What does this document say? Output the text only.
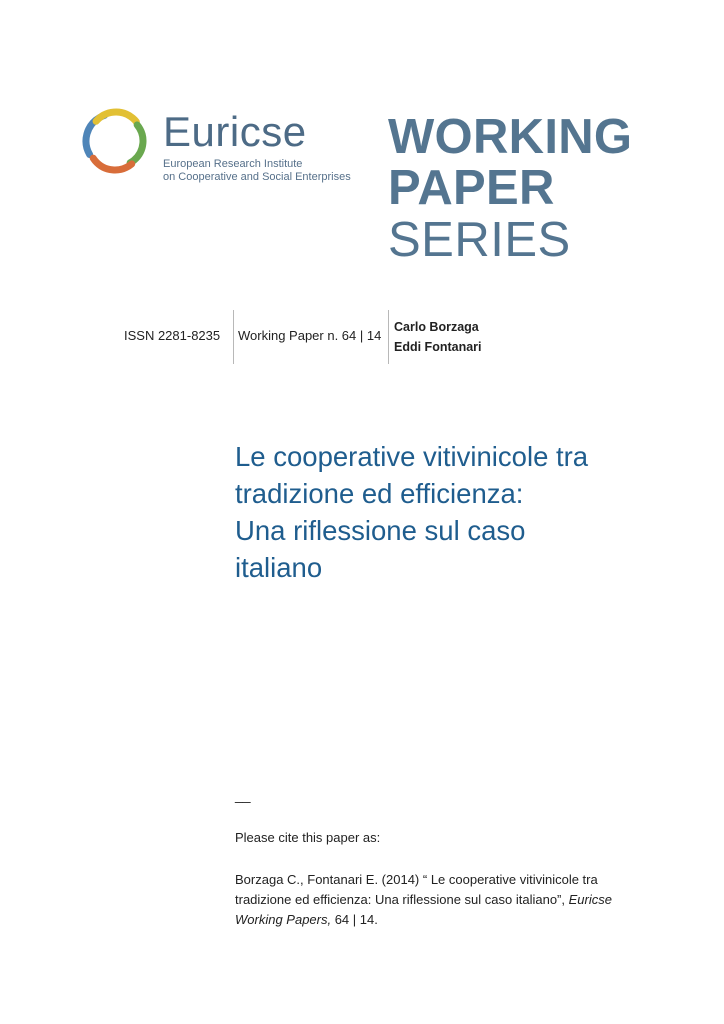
Euricse
European Research Institute
on Cooperative and Social Enterprises
WORKING
PAPER
SERIES
ISSN 2281-8235 Working Paper n. 64 | 14
Carlo Borzaga
Eddi Fontanari
Le cooperative vitivinicole tra
tradizione ed efficienza:
Una riflessione sul caso
italiano
__
Please cite this paper as:
Borzaga C., Fontanari E. (2014) “ Le cooperative vitivinicole tra tradizione ed efficienza: Una riflessione sul caso italiano”, Euricse Working Papers, 64 | 14.
